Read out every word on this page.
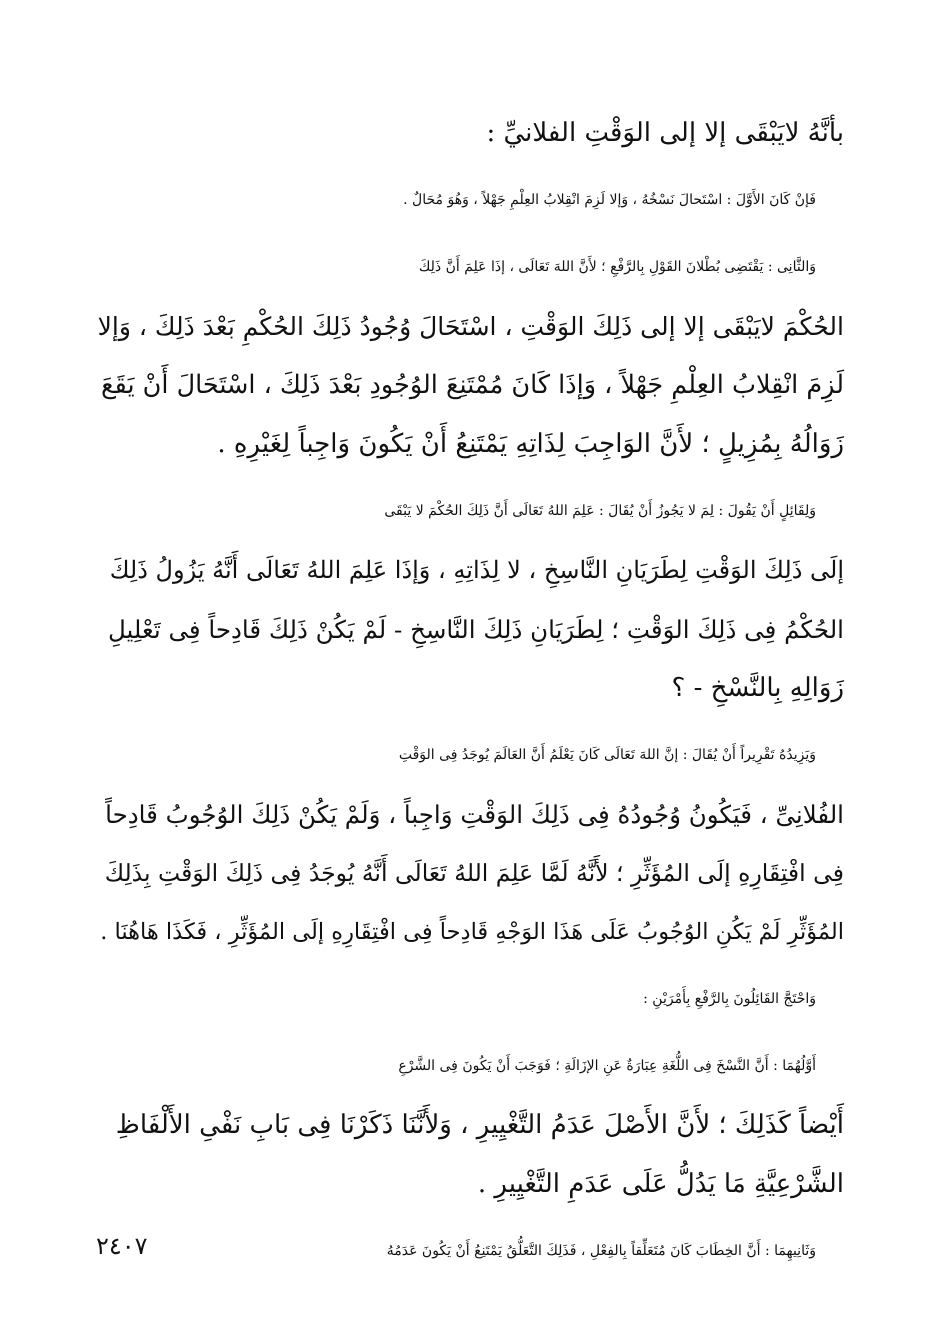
بأنَّهُ لايَبْقَى إلا إلى الوَقْتِ الفلانيِّ :
فَإنْ كَانَ الأَوَّلَ : اسْتَحالَ نَسْخُهُ ، وَإلا لَزِمَ انْقِلابُ العِلْمِ جَهْلاً ، وَهُوَ مُحَالٌ .
وَالثَّانِى : يَقْتَضِى بُطْلانَ القَوْلِ بِالرَّفْعِ ؛ لأَنَّ اللهَ تَعَالَى ، إذَا عَلِمَ أَنَّ ذَلِكَ
الحُكْمَ لايَبْقَى إلا إلى ذَلِكَ الوَقْتِ ، اسْتَحَالَ وُجُودُ ذَلِكَ الحُكْمِ بَعْدَ ذَلِكَ ، وَإلا
لَزِمَ انْقِلابُ العِلْمِ جَهْلاً ، وَإذَا كَانَ مُمْتَنِعَ الوُجُودِ بَعْدَ ذَلِكَ ، اسْتَحَالَ أَنْ يَقَعَ
زَوَالُهُ بِمُزِيلٍ ؛ لأَنَّ الوَاجِبَ لِذَاتِهِ يَمْتَنِعُ أَنْ يَكُونَ وَاجِباً لِغَيْرِهِ .
وَلِقَائِلٍ أَنْ يَقُولَ : لِمَ لا يَجُوزُ أَنْ يُقَالَ : عَلِمَ اللهُ تَعَالَى أَنَّ ذَلِكَ الحُكْمَ لا يَبْقَى
إلَى ذَلِكَ الوَقْتِ لِطَرَيَانِ النَّاسِخِ ، لا لِذَاتِهِ ، وَإذَا عَلِمَ اللهُ تَعَالَى أَنَّهُ يَزُولُ ذَلِكَ
الحُكْمُ فِى ذَلِكَ الوَقْتِ ؛ لِطَرَيَانِ ذَلِكَ النَّاسِخِ - لَمْ يَكُنْ ذَلِكَ قَادِحاً فِى تَعْلِيلِ
زَوَالِهِ بِالنَّسْخِ - ؟
وَيَزِيدُهُ تَقْرِيراً أَنْ يُقَالَ : إنَّ اللهَ تَعَالَى كَانَ يَعْلَمُ أَنَّ العَالَمَ يُوجَدُ فِى الوَقْتِ
الفُلانِىِّ ، فَيَكُونُ وُجُودُهُ فِى ذَلِكَ الوَقْتِ وَاجِباً ، وَلَمْ يَكُنْ ذَلِكَ الوُجُوبُ قَادِحاً
فِى افْتِقَارِهِ إلَى المُؤَثِّرِ ؛ لأَنَّهُ لَمَّا عَلِمَ اللهُ تَعَالَى أَنَّهُ يُوجَدُ فِى ذَلِكَ الوَقْتِ بِذَلِكَ
المُؤَثِّرِ لَمْ يَكُنِ الوُجُوبُ عَلَى هَذَا الوَجْهِ قَادِحاً فِى افْتِقَارِهِ إلَى المُؤَثِّرِ ، فَكَذَا هَاهُنَا .
وَاحْتَجَّ القَائِلُونَ بِالرَّفْعِ بِأَمْرَيْنِ :
أَوَّلُهُمَا : أَنَّ النَّسْخَ فِى اللُّغَةِ عِبَارَةٌ عَنِ الإزَالَةِ ؛ فَوَجَبَ أَنْ يَكُونَ فِى الشَّرْعِ
أَيْضاً كَذَلِكَ ؛ لأَنَّ الأَصْلَ عَدَمُ التَّغْيِيرِ ، وَلأَنَّنَا ذَكَرْنَا فِى بَابِ نَفْىِ الأَلْفَاظِ
الشَّرْعِيَّةِ مَا يَدُلُّ عَلَى عَدَمِ التَّغْيِيرِ .
وَثَانِيهِمَا : أَنَّ الخِطَابَ كَانَ مُتَعَلِّقاً بِالفِعْلِ ، فَذَلِكَ التَّعَلُّقُ يَمْتَنِعُ أَنْ يَكُونَ عَدَمُهُ
٢٤٠٧
